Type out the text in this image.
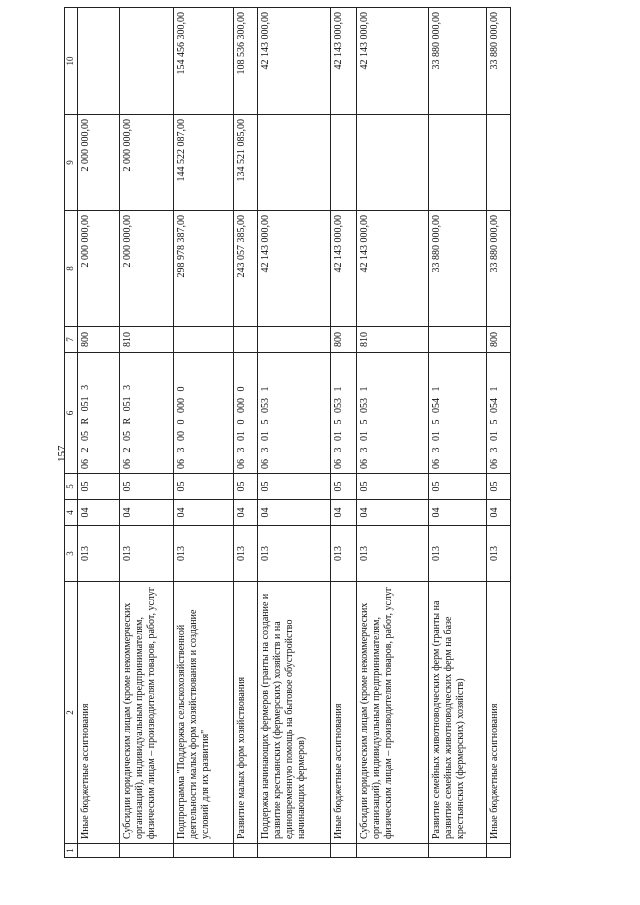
157
1	2	3	4	5	6	7	8	9	10
	Иные бюджетные ассигнования	013	04	05	06 2 05 R 051 3	800	2 000 000,00	2 000 000,00	
	Субсидии юридическим лицам (кроме некоммерческих организаций), индивидуальным предпринимателям, физическим лицам – производителям товаров, работ, услуг	013	04	05	06 2 05 R 051 3	810	2 000 000,00	2 000 000,00	
	Подпрограмма "Поддержка сельскохозяйственной деятельности малых форм хозяйствования и создание условий для их развития"	013	04	05	06 3 00 0 000 0		298 978 387,00	144 522 087,00	154 456 300,00
	Развитие малых форм хозяйствования	013	04	05	06 3 01 0 000 0		243 057 385,00	134 521 085,00	108 536 300,00
	Поддержка начинающих фермеров (гранты на создание и развитие крестьянских (фермерских) хозяйств и на единовременную помощь на бытовое обустройство начинающих фермеров)	013	04	05	06 3 01 5 053 1		42 143 000,00		42 143 000,00
	Иные бюджетные ассигнования	013	04	05	06 3 01 5 053 1	800	42 143 000,00		42 143 000,00
	Субсидии юридическим лицам (кроме некоммерческих организаций), индивидуальным предпринимателям, физическим лицам – производителям товаров, работ, услуг	013	04	05	06 3 01 5 053 1	810	42 143 000,00		42 143 000,00
	Развитие семейных животноводческих ферм (гранты на развитие семейных животноводческих ферм на базе крестьянских (фермерских) хозяйств)	013	04	05	06 3 01 5 054 1		33 880 000,00		33 880 000,00
	Иные бюджетные ассигнования	013	04	05	06 3 01 5 054 1	800	33 880 000,00		33 880 000,00
